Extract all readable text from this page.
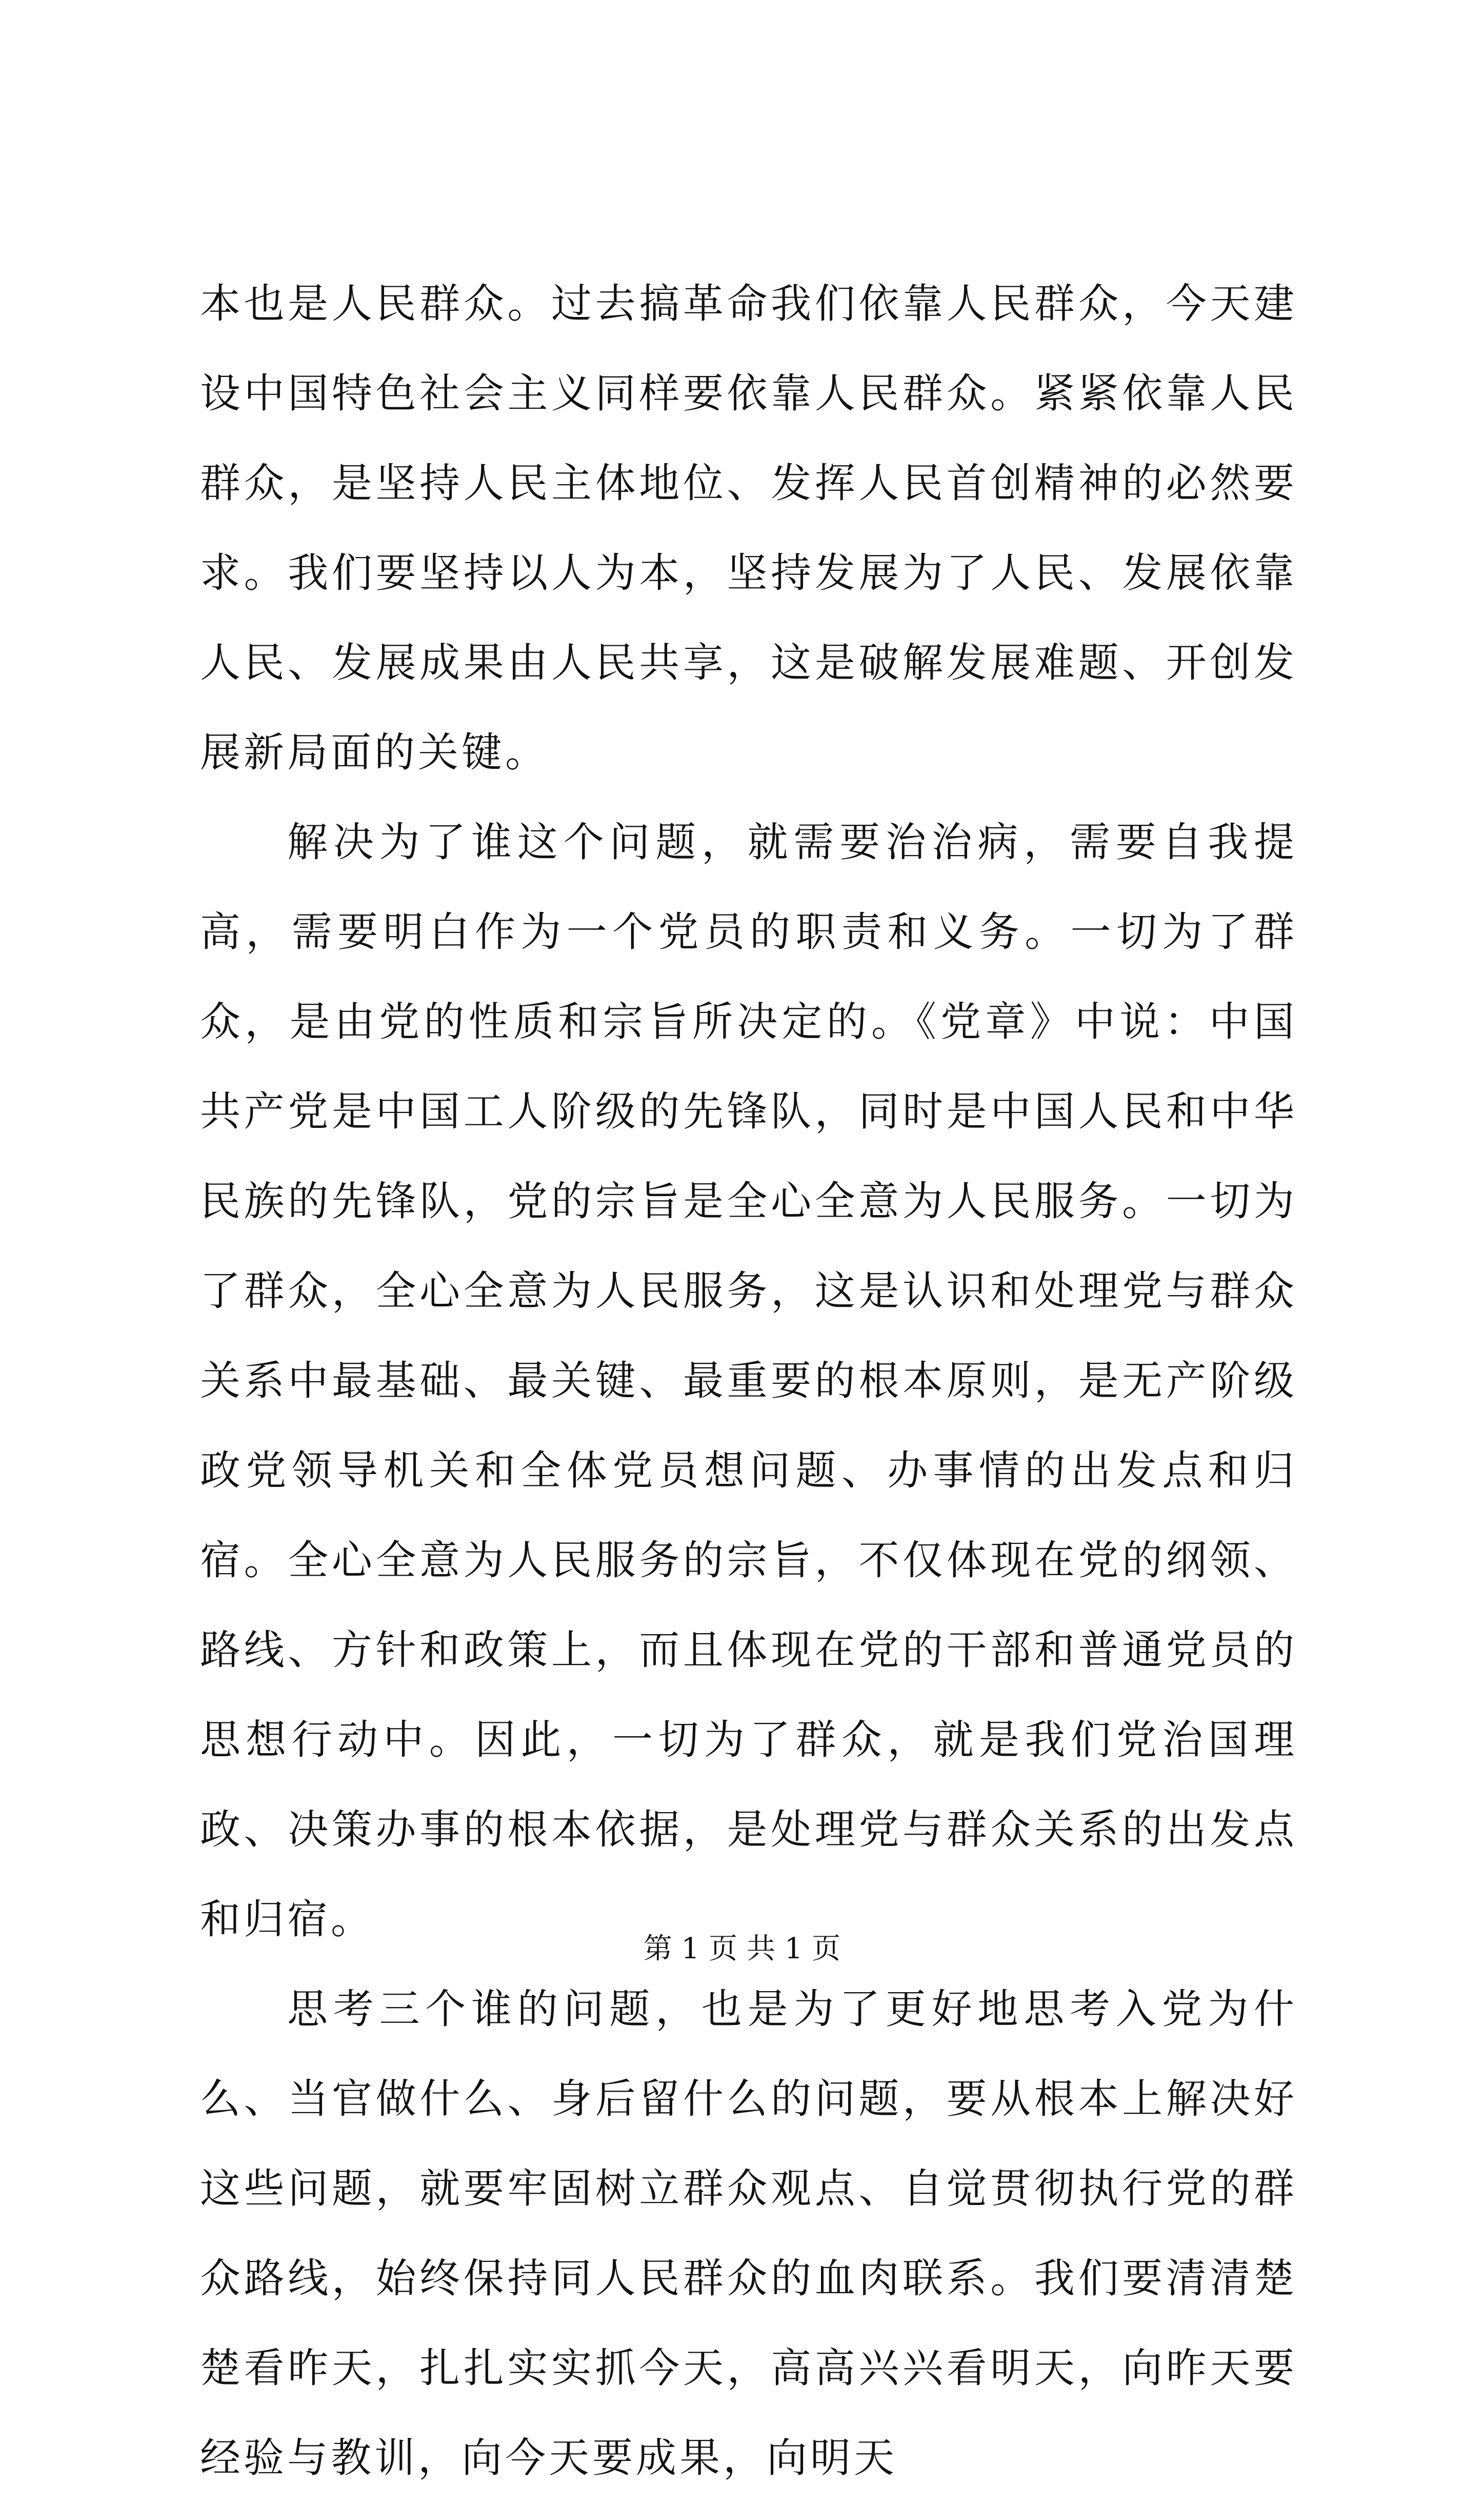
本也是人民群众。过去搞革命我们依靠人民群众，今天建设中国特色社会主义同样要依靠人民群众。紧紧依靠人民群众，是坚持人民主体地位、发挥人民首创精神的必然要求。我们要坚持以人为本，坚持发展为了人民、发展依靠人民、发展成果由人民共享，这是破解发展难题、开创发展新局面的关键。

解决为了谁这个问题，就需要治治病，需要自我提高，需要明白作为一个党员的职责和义务。一切为了群众，是由党的性质和宗旨所决定的。《党章》中说：中国共产党是中国工人阶级的先锋队，同时是中国人民和中华民族的先锋队，党的宗旨是全心全意为人民服务。一切为了群众，全心全意为人民服务，这是认识和处理党与群众关系中最基础、最关键、最重要的根本原则，是无产阶级政党领导机关和全体党员想问题、办事情的出发点和归宿。全心全意为人民服务的宗旨，不仅体现在党的纲领、路线、方针和政策上，而且体现在党的干部和普通党员的思想行动中。因此，一切为了群众，就是我们党治国理政、决策办事的根本依据，是处理党与群众关系的出发点和归宿。

思考三个谁的问题，也是为了更好地思考入党为什么、当官做什么、身后留什么的问题，要从根本上解决好这些问题，就要牢固树立群众观点、自觉贯彻执行党的群众路线，始终保持同人民群众的血肉联系。我们要清清楚楚看昨天，扎扎实实抓今天，高高兴兴看明天，向昨天要经验与教训，向今天要成果，向明天

第 1 页 共 1 页
